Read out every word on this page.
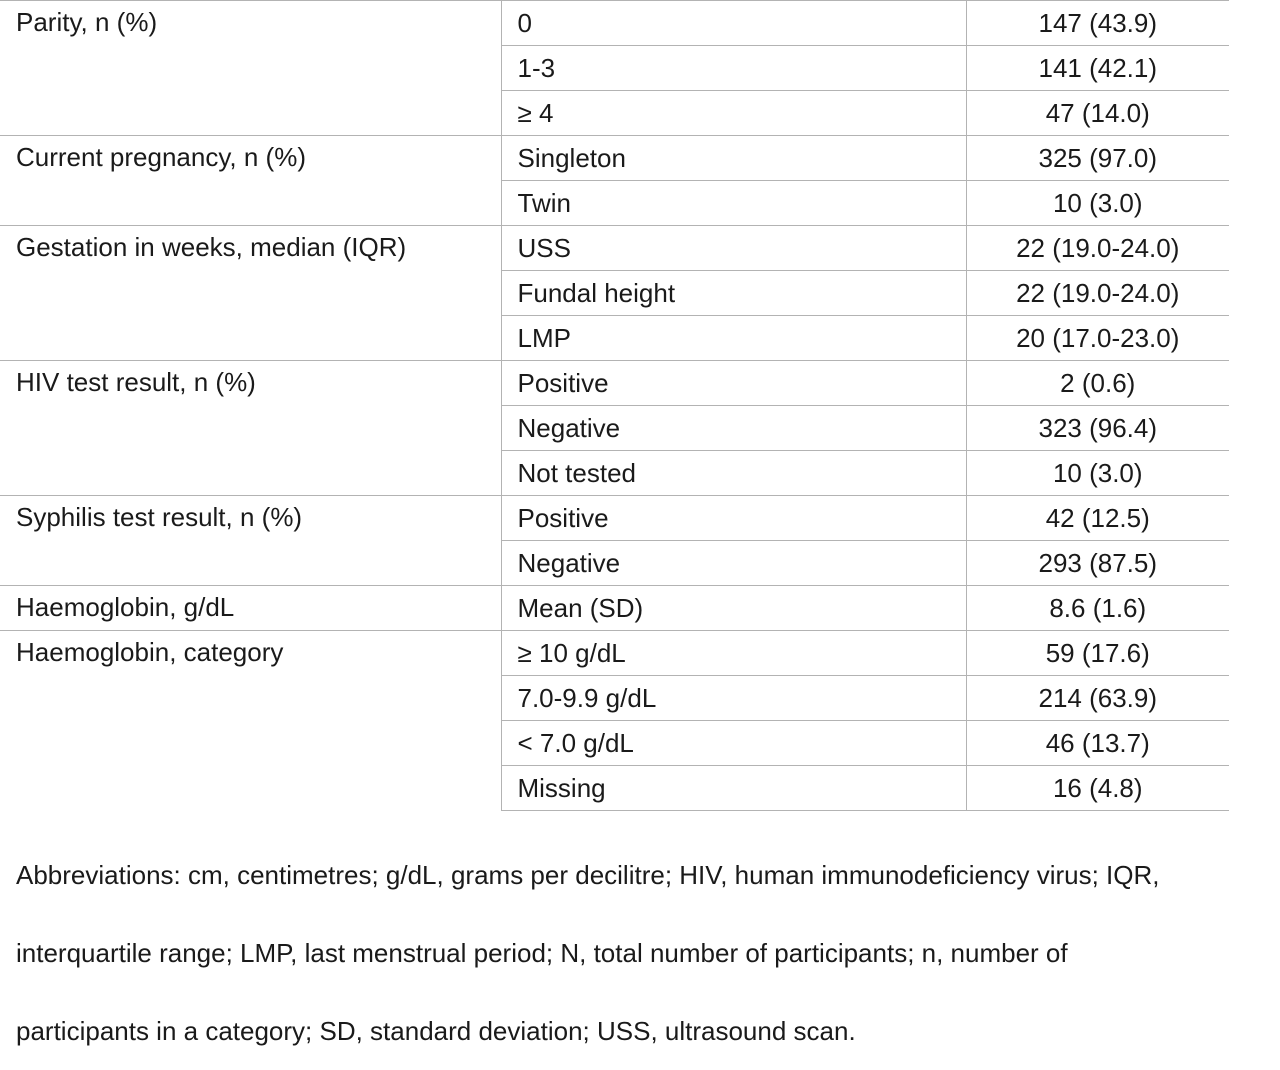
Parity, n (%)	0	147 (43.9)
	1-3	141 (42.1)
	≥ 4	47 (14.0)
Current pregnancy, n (%)	Singleton	325 (97.0)
	Twin	10 (3.0)
Gestation in weeks, median (IQR)	USS	22 (19.0-24.0)
	Fundal height	22 (19.0-24.0)
	LMP	20 (17.0-23.0)
HIV test result, n (%)	Positive	2 (0.6)
	Negative	323 (96.4)
	Not tested	10 (3.0)
Syphilis test result, n (%)	Positive	42 (12.5)
	Negative	293 (87.5)
Haemoglobin, g/dL	Mean (SD)	8.6 (1.6)
Haemoglobin, category	≥ 10 g/dL	59 (17.6)
	7.0-9.9 g/dL	214 (63.9)
	< 7.0 g/dL	46 (13.7)
	Missing	16 (4.8)

Abbreviations: cm, centimetres; g/dL, grams per decilitre; HIV, human immunodeficiency virus; IQR,

interquartile range; LMP, last menstrual period; N, total number of participants; n, number of

participants in a category; SD, standard deviation; USS, ultrasound scan.
